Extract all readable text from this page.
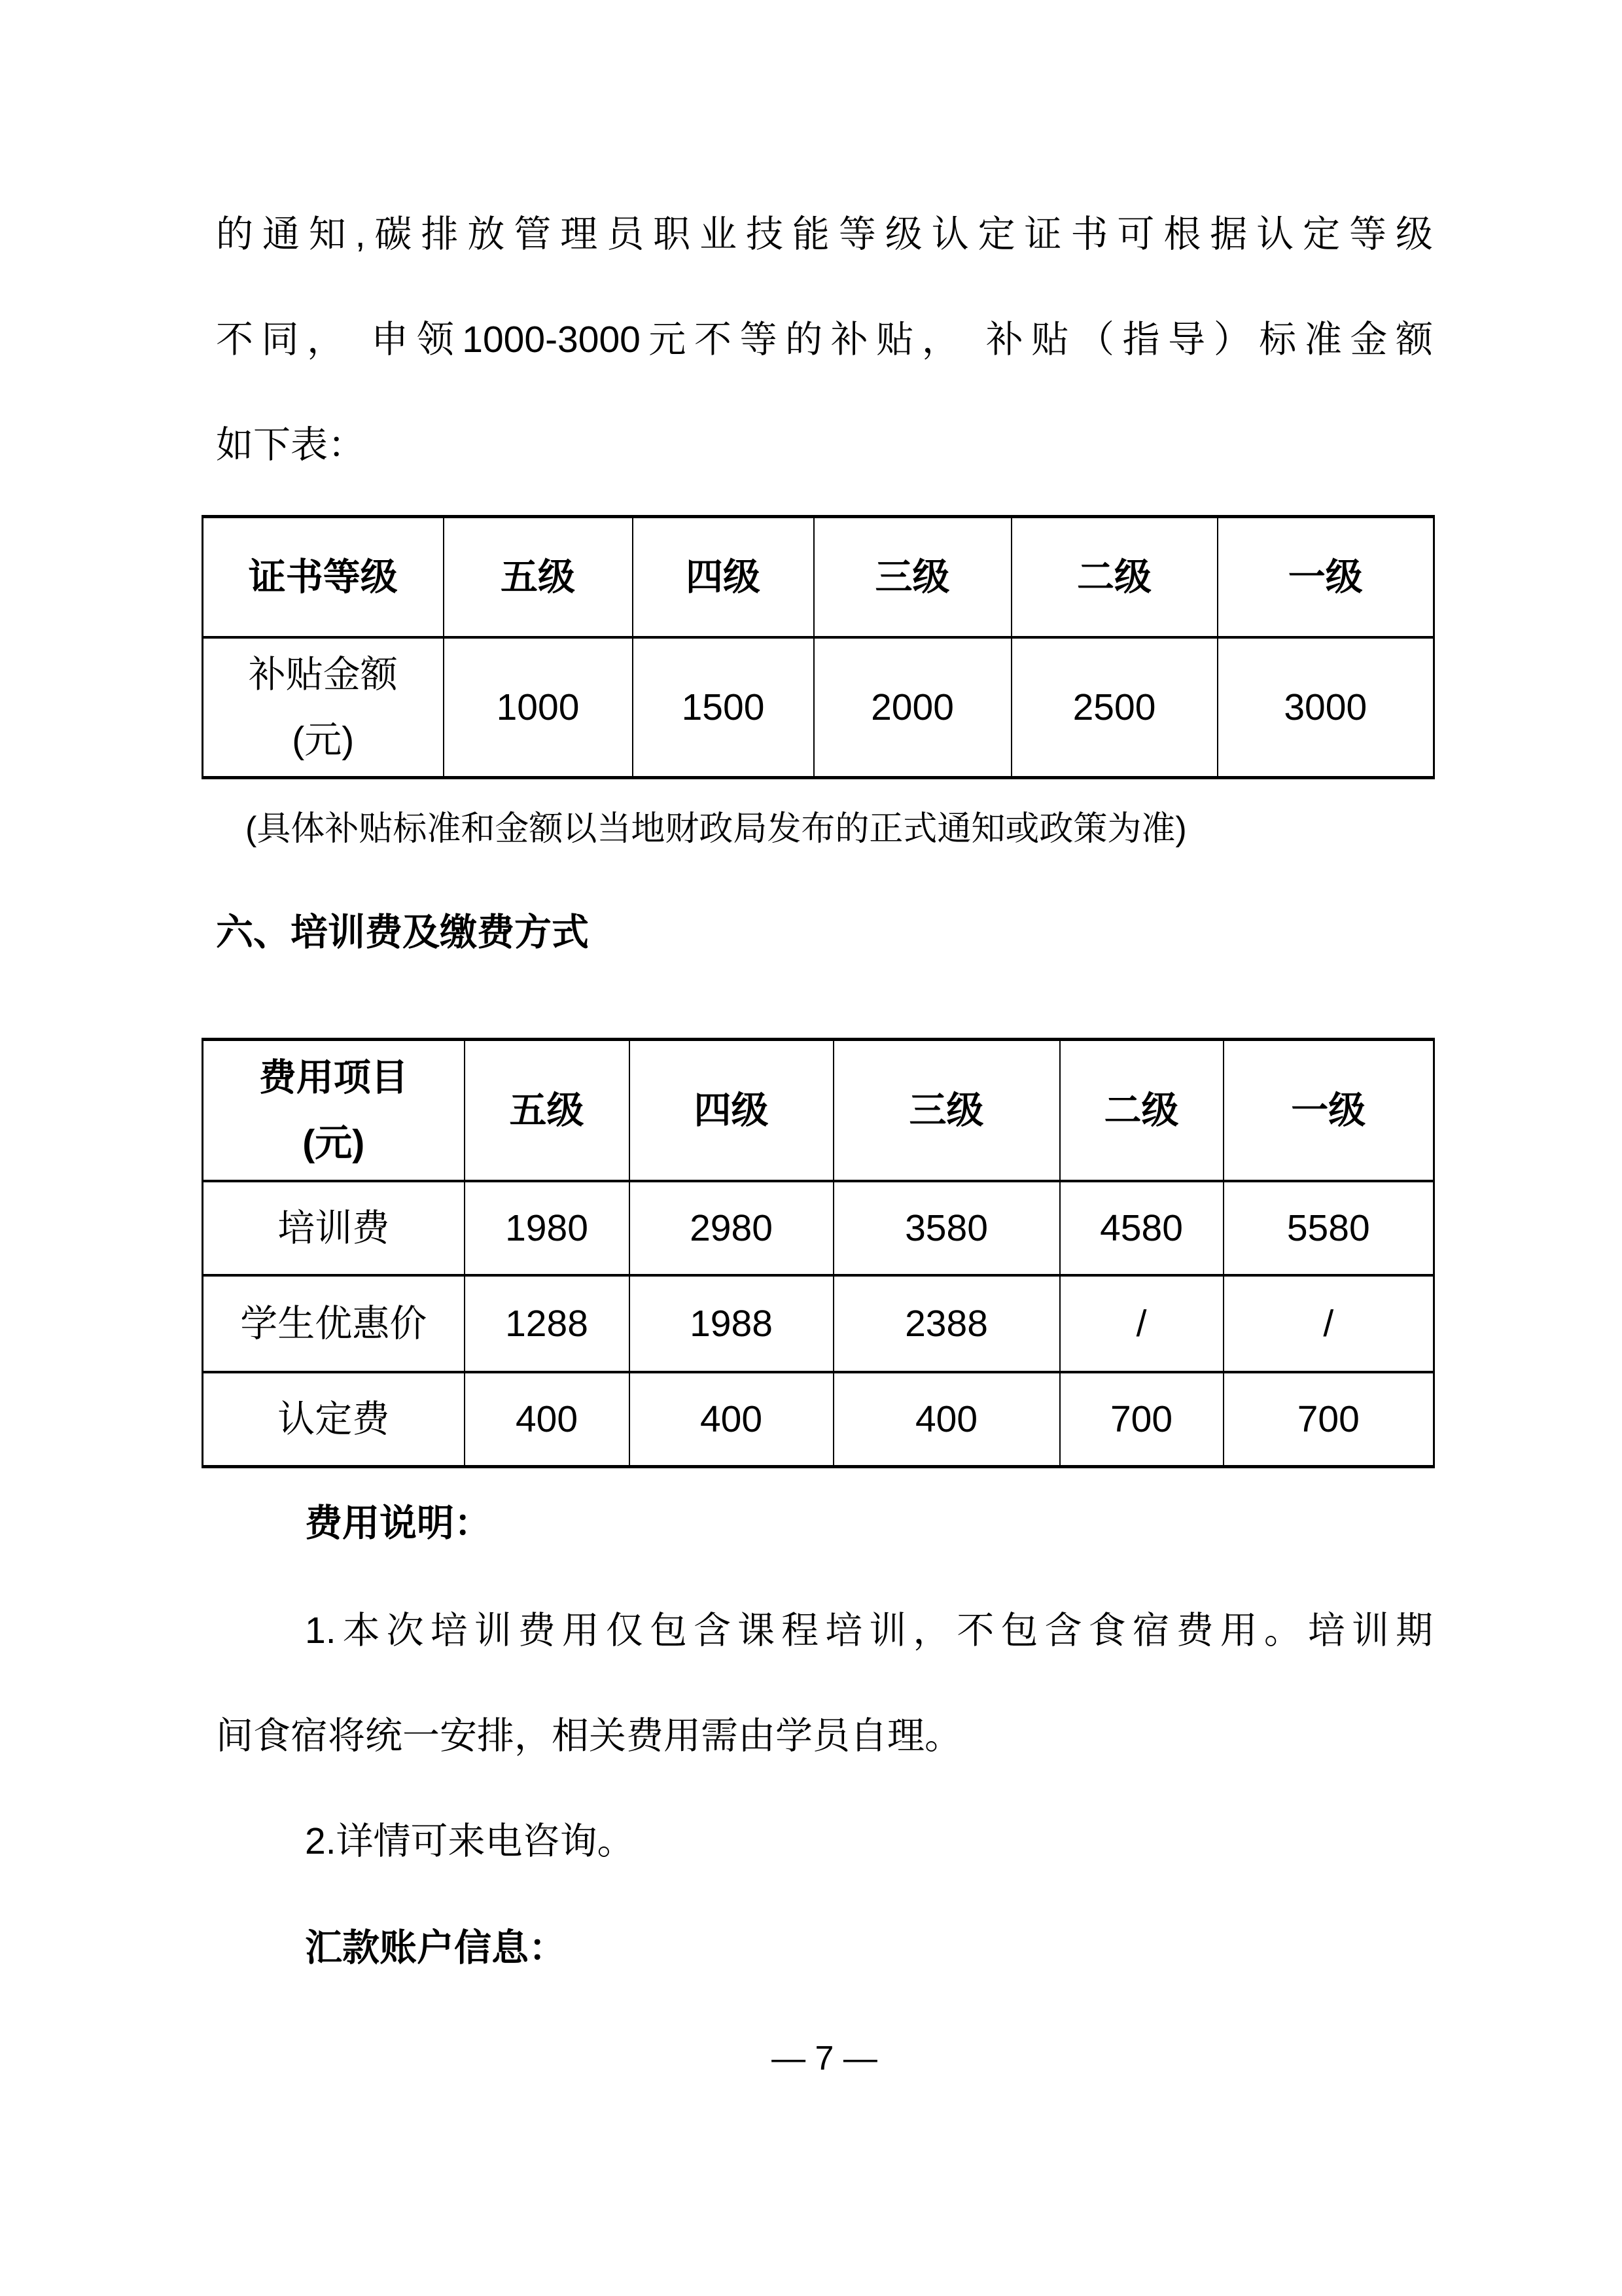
的通知,碳排放管理员职业技能等级认定证书可根据认定等级

不同， 申领1000-3000元不等的补贴， 补贴（指导）标准金额

如下表：

证书等级	五级	四级	三级	二级	一级

补贴金额
(元)	1000	1500	2000	2500	3000

(具体补贴标准和金额以当地财政局发布的正式通知或政策为准)

六、培训费及缴费方式
费用项目
(元)	五级	四级	三级	二级	一级
培训费	1980	2980	3580	4580	5580
学生优惠价	1288	1988	2388	/	/
认定费	400	400	400	700	700

费用说明：

1.本次培训费用仅包含课程培训，不包含食宿费用。培训期

间食宿将统一安排，相关费用需由学员自理。

2.详情可来电咨询。

汇款账户信息：

— 7 —
